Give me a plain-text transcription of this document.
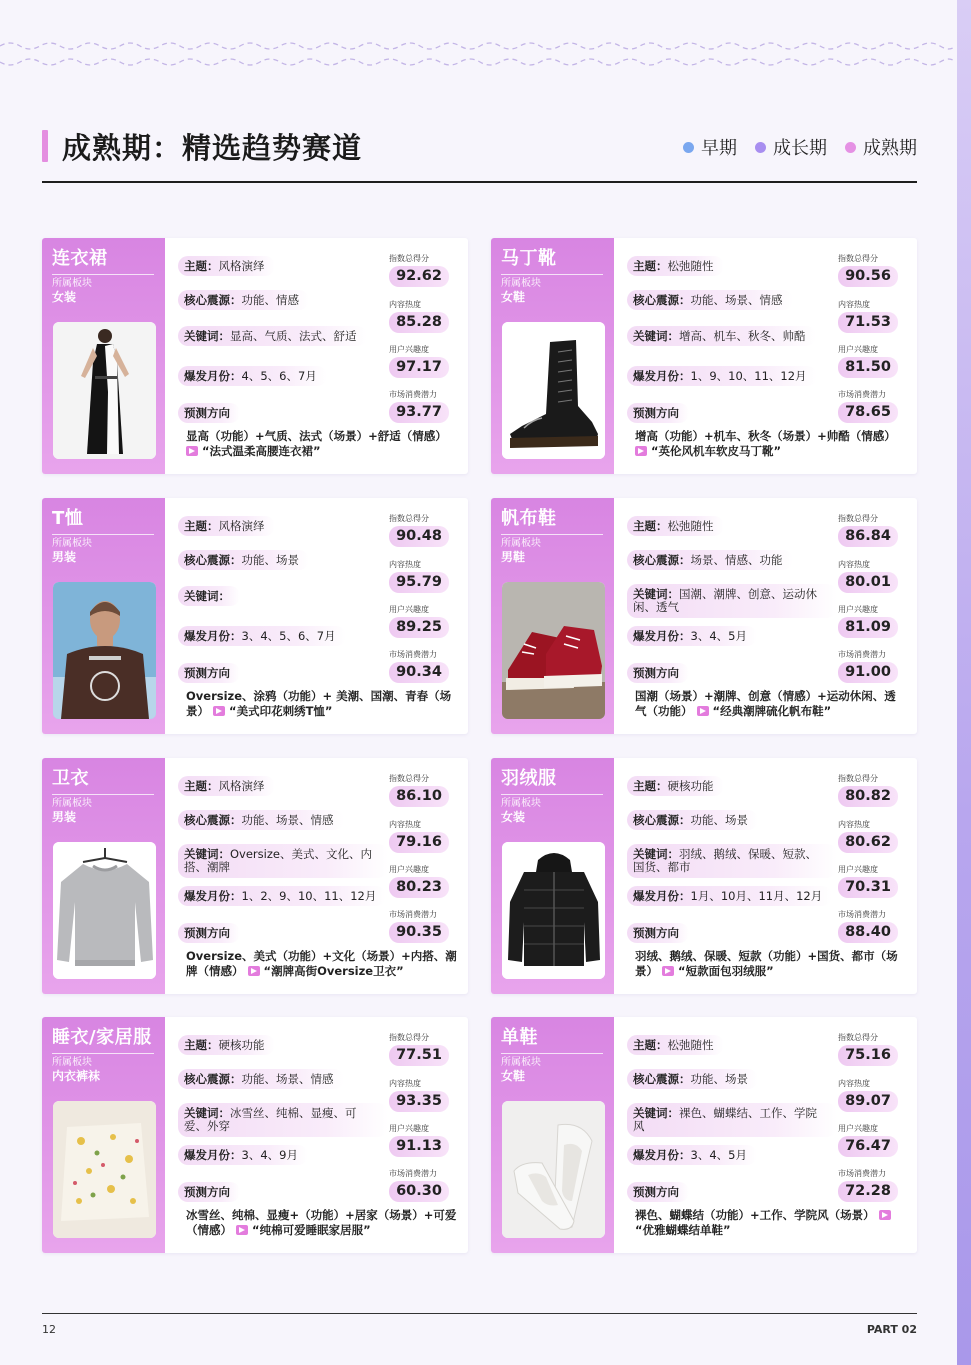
成熟期：精选趋势赛道	早期 成长期 成熟期
连衣裙
所属板块
女装
主题：风格演绎
核心震源：功能、情感
关键词：显高、气质、法式、舒适
爆发月份：4、5、6、7月
预测方向
显高（功能）+气质、法式（场景）+舒适（情感） “法式温柔高腰连衣裙”
指数总得分
92.62
内容热度
85.28
用户兴趣度
97.17
市场消费潜力
93.77
马丁靴
所属板块
女鞋
主题：松弛随性
核心震源：功能、场景、情感
关键词：增高、机车、秋冬、帅酷
爆发月份：1、9、10、11、12月
预测方向
增高（功能）+机车、秋冬（场景）+帅酷（情感） “英伦风机车软皮马丁靴”
指数总得分
90.56
内容热度
71.53
用户兴趣度
81.50
市场消费潜力
78.65
T恤
所属板块
男装
主题：风格演绎
核心震源：功能、场景
关键词：
爆发月份：3、4、5、6、7月
预测方向
Oversize、涂鸦（功能）+ 美潮、国潮、青春（场景） “美式印花刺绣T恤”
指数总得分
90.48
内容热度
95.79
用户兴趣度
89.25
市场消费潜力
90.34
帆布鞋
所属板块
男鞋
主题：松弛随性
核心震源：场景、情感、功能
关键词：国潮、潮牌、创意、运动休闲、透气
爆发月份：3、4、5月
预测方向
国潮（场景）+潮牌、创意（情感）+运动休闲、透气（功能） “经典潮牌硫化帆布鞋”
指数总得分
86.84
内容热度
80.01
用户兴趣度
81.09
市场消费潜力
91.00
卫衣
所属板块
男装
主题：风格演绎
核心震源：功能、场景、情感
关键词：Oversize、美式、文化、内搭、潮牌
爆发月份：1、2、9、10、11、12月
预测方向
Oversize、美式（功能）+文化（场景）+内搭、潮牌（情感） “潮牌高街Oversize卫衣”
指数总得分
86.10
内容热度
79.16
用户兴趣度
80.23
市场消费潜力
90.35
羽绒服
所属板块
女装
主题：硬核功能
核心震源：功能、场景
关键词：羽绒、鹅绒、保暖、短款、国货、都市
爆发月份：1月、10月、11月、12月
预测方向
羽绒、鹅绒、保暖、短款（功能）+国货、都市（场景） “短款面包羽绒服”
指数总得分
80.82
内容热度
80.62
用户兴趣度
70.31
市场消费潜力
88.40
睡衣/家居服
所属板块
内衣裤袜
主题：硬核功能
核心震源：功能、场景、情感
关键词：冰雪丝、纯棉、显瘦、可爱、外穿
爆发月份：3、4、9月
预测方向
冰雪丝、纯棉、显瘦+（功能）+居家（场景）+可爱（情感） “纯棉可爱睡眠家居服”
指数总得分
77.51
内容热度
93.35
用户兴趣度
91.13
市场消费潜力
60.30
单鞋
所属板块
女鞋
主题：松弛随性
核心震源：功能、场景
关键词：裸色、蝴蝶结、工作、学院风
爆发月份：3、4、5月
预测方向
裸色、蝴蝶结（功能）+工作、学院风（场景） “优雅蝴蝶结单鞋”
指数总得分
75.16
内容热度
89.07
用户兴趣度
76.47
市场消费潜力
72.28
12	PART 02
